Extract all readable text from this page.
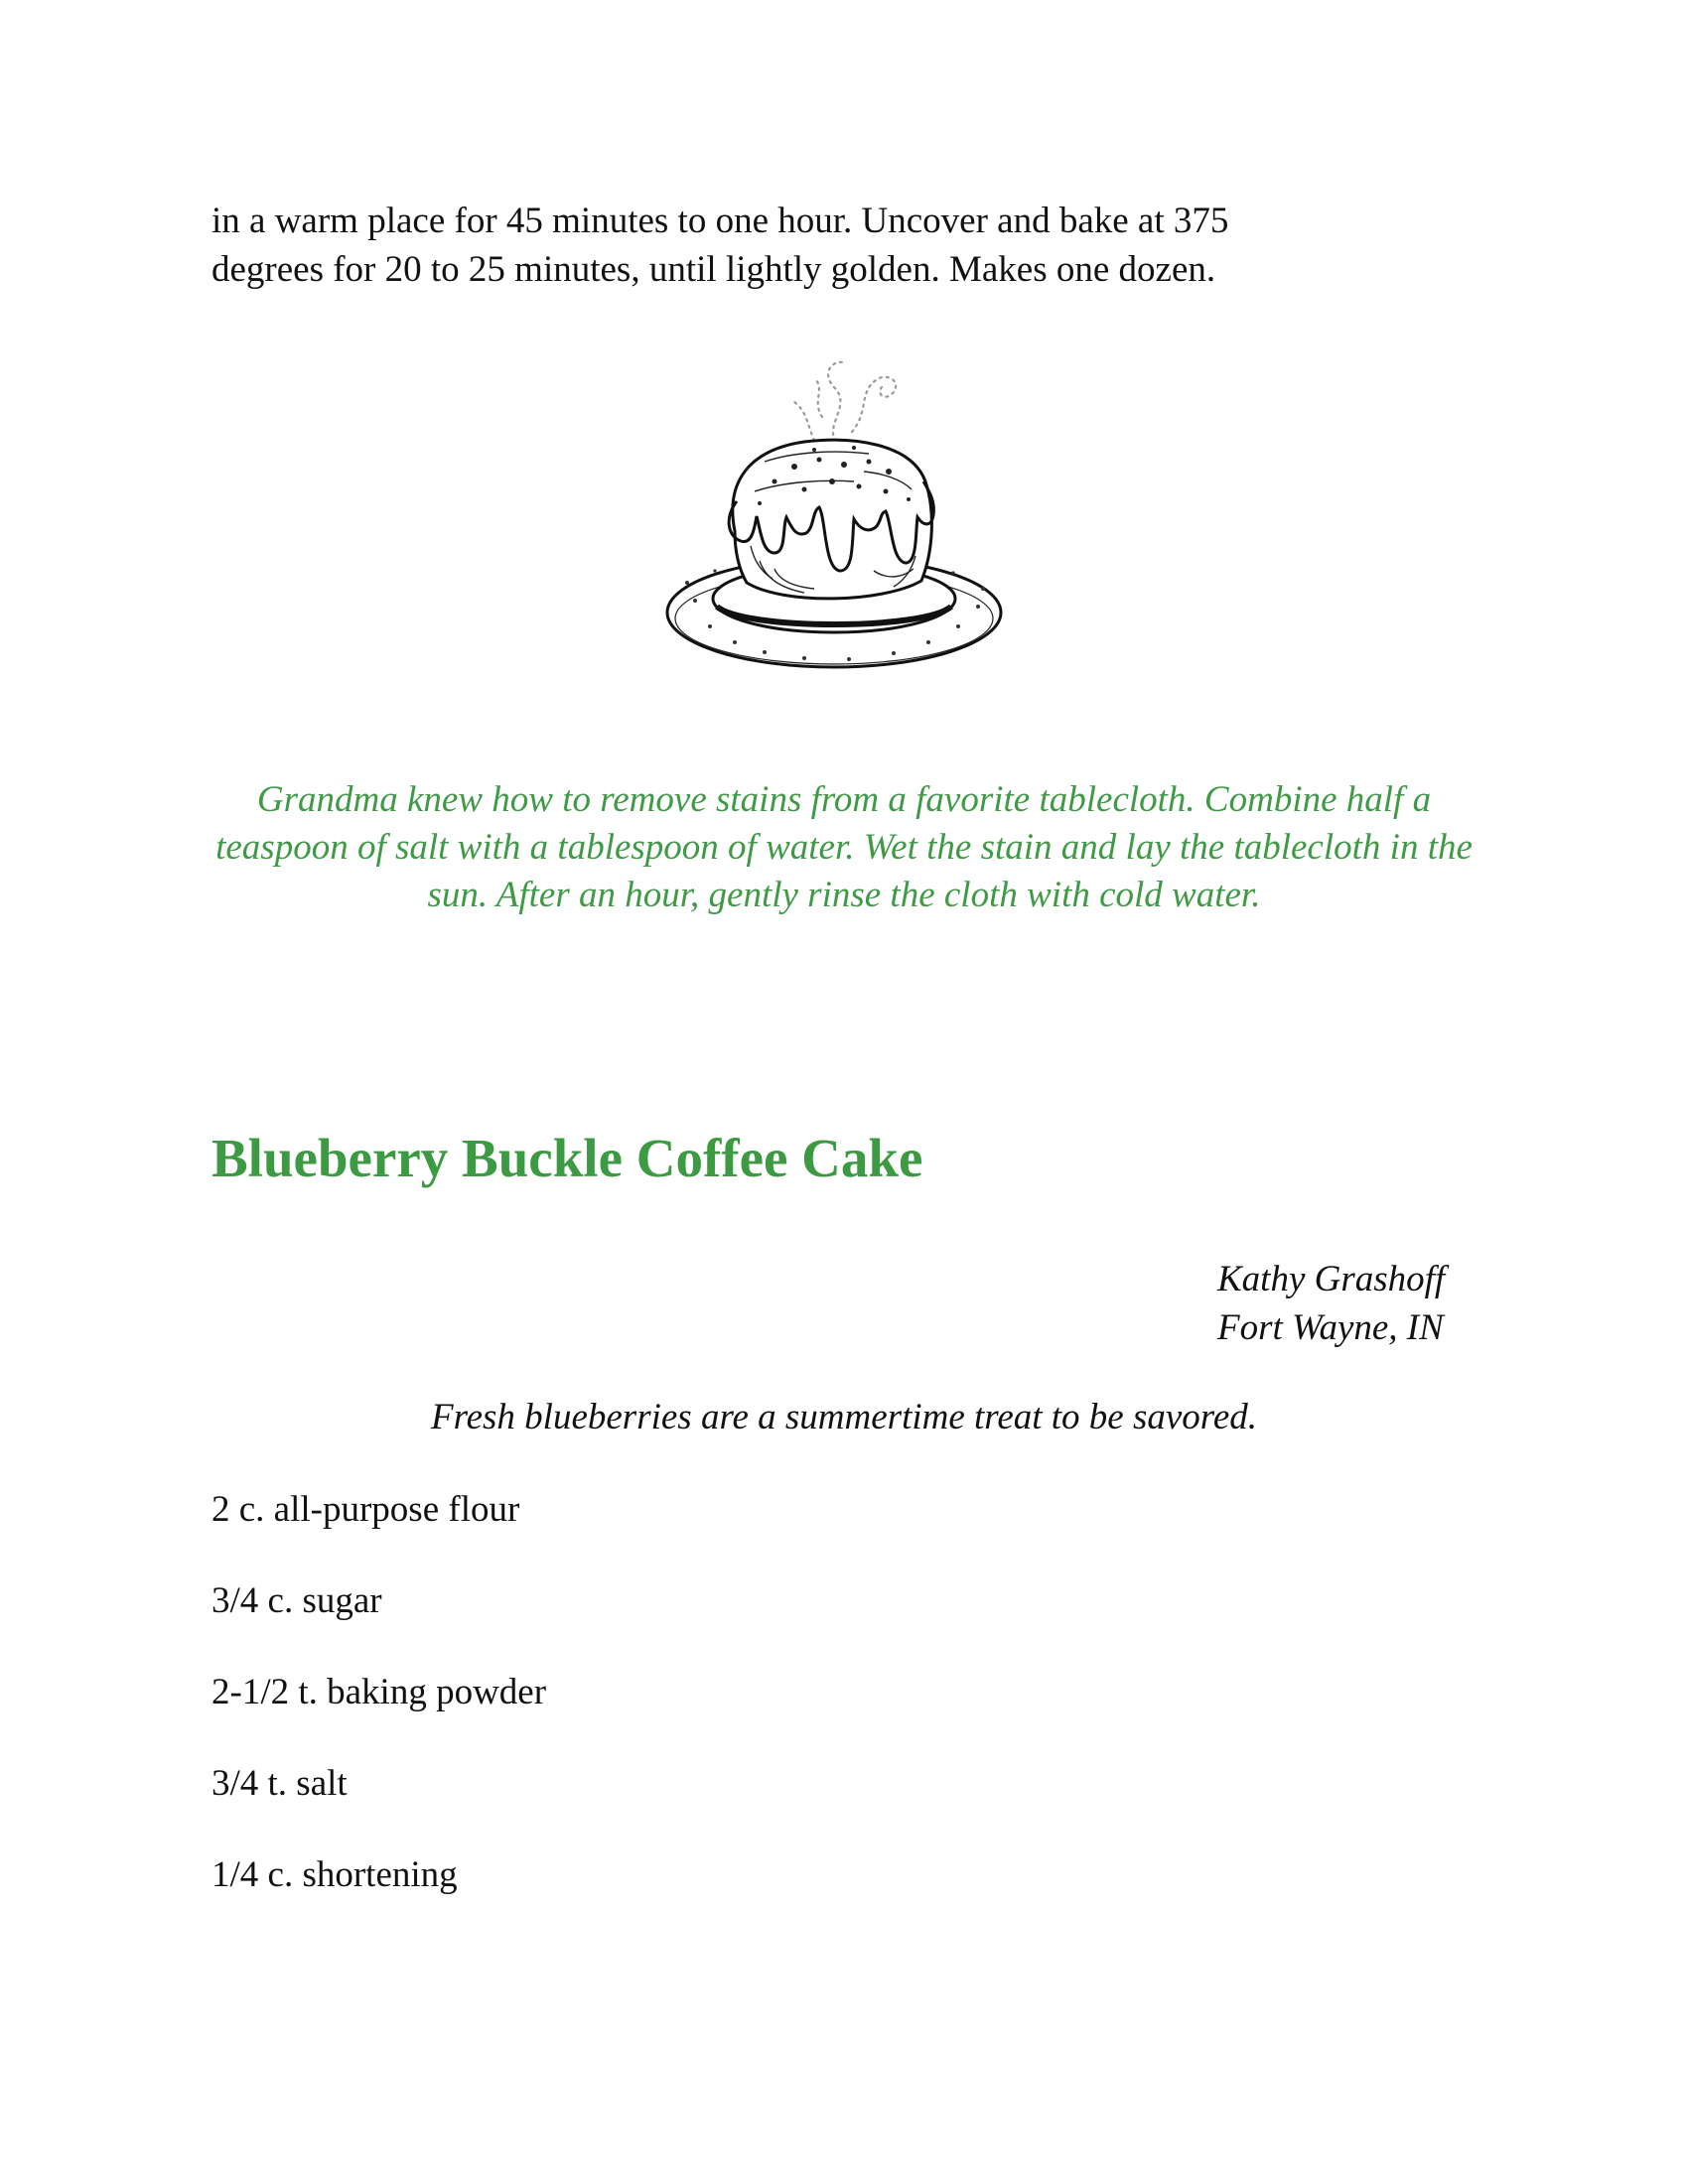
in a warm place for 45 minutes to one hour. Uncover and bake at 375

degrees for 20 to 25 minutes, until lightly golden. Makes one dozen.

Grandma knew how to remove stains from a favorite tablecloth. Combine half a teaspoon of salt with a tablespoon of water. Wet the stain and lay the tablecloth in the sun. After an hour, gently rinse the cloth with cold water.
Blueberry Buckle Coffee Cake
Kathy Grashoff
Fort Wayne, IN
Fresh blueberries are a summertime treat to be savored.
2 c. all-purpose flour
3/4 c. sugar
2-1/2 t. baking powder
3/4 t. salt
1/4 c. shortening
